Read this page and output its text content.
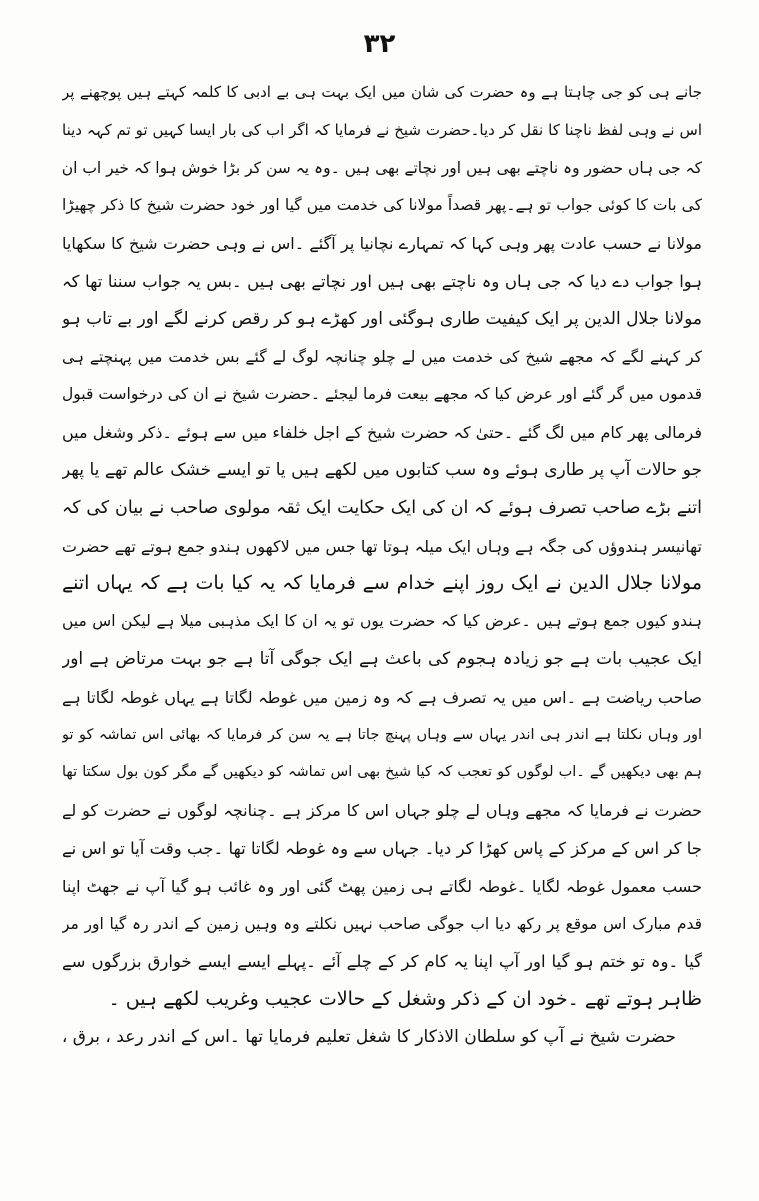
۳۲
جانے ہی کو جی چاہتا ہے وہ حضرت کی شان میں ایک بہت ہی بے ادبی کا کلمہ کہتے ہیں پوچھنے پر
اس نے وہی لفظ ناچنا کا نقل کر دیا۔حضرت شیخ نے فرمایا کہ اگر اب کی بار ایسا کہیں تو تم کہہ دینا
کہ جی ہاں حضور وہ ناچتے بھی ہیں اور نچاتے بھی ہیں ۔وہ یہ سن کر بڑا خوش ہوا کہ خیر اب ان
کی بات کا کوئی جواب تو ہے۔پھر قصداً مولانا کی خدمت میں گیا اور خود حضرت شیخ کا ذکر چھیڑا
مولانا نے حسب عادت پھر وہی کہا کہ تمہارے نچانیا پر آگئے ۔اس نے وہی حضرت شیخ کا سکھایا
ہوا جواب دے دیا کہ جی ہاں وہ ناچتے بھی ہیں اور نچاتے بھی ہیں ۔بس یہ جواب سننا تھا کہ
مولانا جلال الدین پر ایک کیفیت طاری ہوگئی اور کھڑے ہو کر رقص کرنے لگے اور بے تاب ہو
کر کہنے لگے کہ مجھے شیخ کی خدمت میں لے چلو چنانچہ لوگ لے گئے بس خدمت میں پہنچتے ہی
قدموں میں گر گئے اور عرض کیا کہ مجھے بیعت فرما لیجئے ۔حضرت شیخ نے ان کی درخواست قبول
فرمالی پھر کام میں لگ گئے ۔حتیٰ کہ حضرت شیخ کے اجل خلفاء میں سے ہوئے ۔ذکر وشغل میں
جو حالات آپ پر طاری ہوئے وہ سب کتابوں میں لکھے ہیں یا تو ایسے خشک عالم تھے یا پھر
اتنے بڑے صاحب تصرف ہوئے کہ ان کی ایک حکایت ایک ثقہ مولوی صاحب نے بیان کی کہ
تھانیسر ہندوؤں کی جگہ ہے وہاں ایک میلہ ہوتا تھا جس میں لاکھوں ہندو جمع ہوتے تھے حضرت
مولانا جلال الدین نے ایک روز اپنے خدام سے فرمایا کہ یہ کیا بات ہے کہ یہاں اتنے
ہندو کیوں جمع ہوتے ہیں ۔عرض کیا کہ حضرت یوں تو یہ ان کا ایک مذہبی میلا ہے لیکن اس میں
ایک عجیب بات ہے جو زیادہ ہجوم کی باعث ہے ایک جوگی آتا ہے جو بہت مرتاض ہے اور
صاحب ریاضت ہے ۔اس میں یہ تصرف ہے کہ وہ زمین میں غوطہ لگاتا ہے یہاں غوطہ لگاتا ہے
اور وہاں نکلتا ہے اندر ہی اندر یہاں سے وہاں پہنچ جاتا ہے یہ سن کر فرمایا کہ بھائی اس تماشہ کو تو
ہم بھی دیکھیں گے ۔اب لوگوں کو تعجب کہ کیا شیخ بھی اس تماشہ کو دیکھیں گے مگر کون بول سکتا تھا
حضرت نے فرمایا کہ مجھے وہاں لے چلو جہاں اس کا مرکز ہے ۔چنانچہ لوگوں نے حضرت کو لے
جا کر اس کے مرکز کے پاس کھڑا کر دیا۔ جہاں سے وہ غوطہ لگاتا تھا ۔جب وقت آیا تو اس نے
حسب معمول غوطہ لگایا ۔غوطہ لگاتے ہی زمین پھٹ گئی اور وہ غائب ہو گیا آپ نے جھٹ اپنا
قدم مبارک اس موقع پر رکھ دیا اب جوگی صاحب نہیں نکلتے وہ وہیں زمین کے اندر رہ گیا اور مر
گیا ۔وہ تو ختم ہو گیا اور آپ اپنا یہ کام کر کے چلے آئے ۔پہلے ایسے ایسے خوارق بزرگوں سے
ظاہر ہوتے تھے ۔خود ان کے ذکر وشغل کے حالات عجیب وغریب لکھے ہیں ۔
حضرت شیخ نے آپ کو سلطان الاذکار کا شغل تعلیم فرمایا تھا ۔اس کے اندر رعد ، برق ،
